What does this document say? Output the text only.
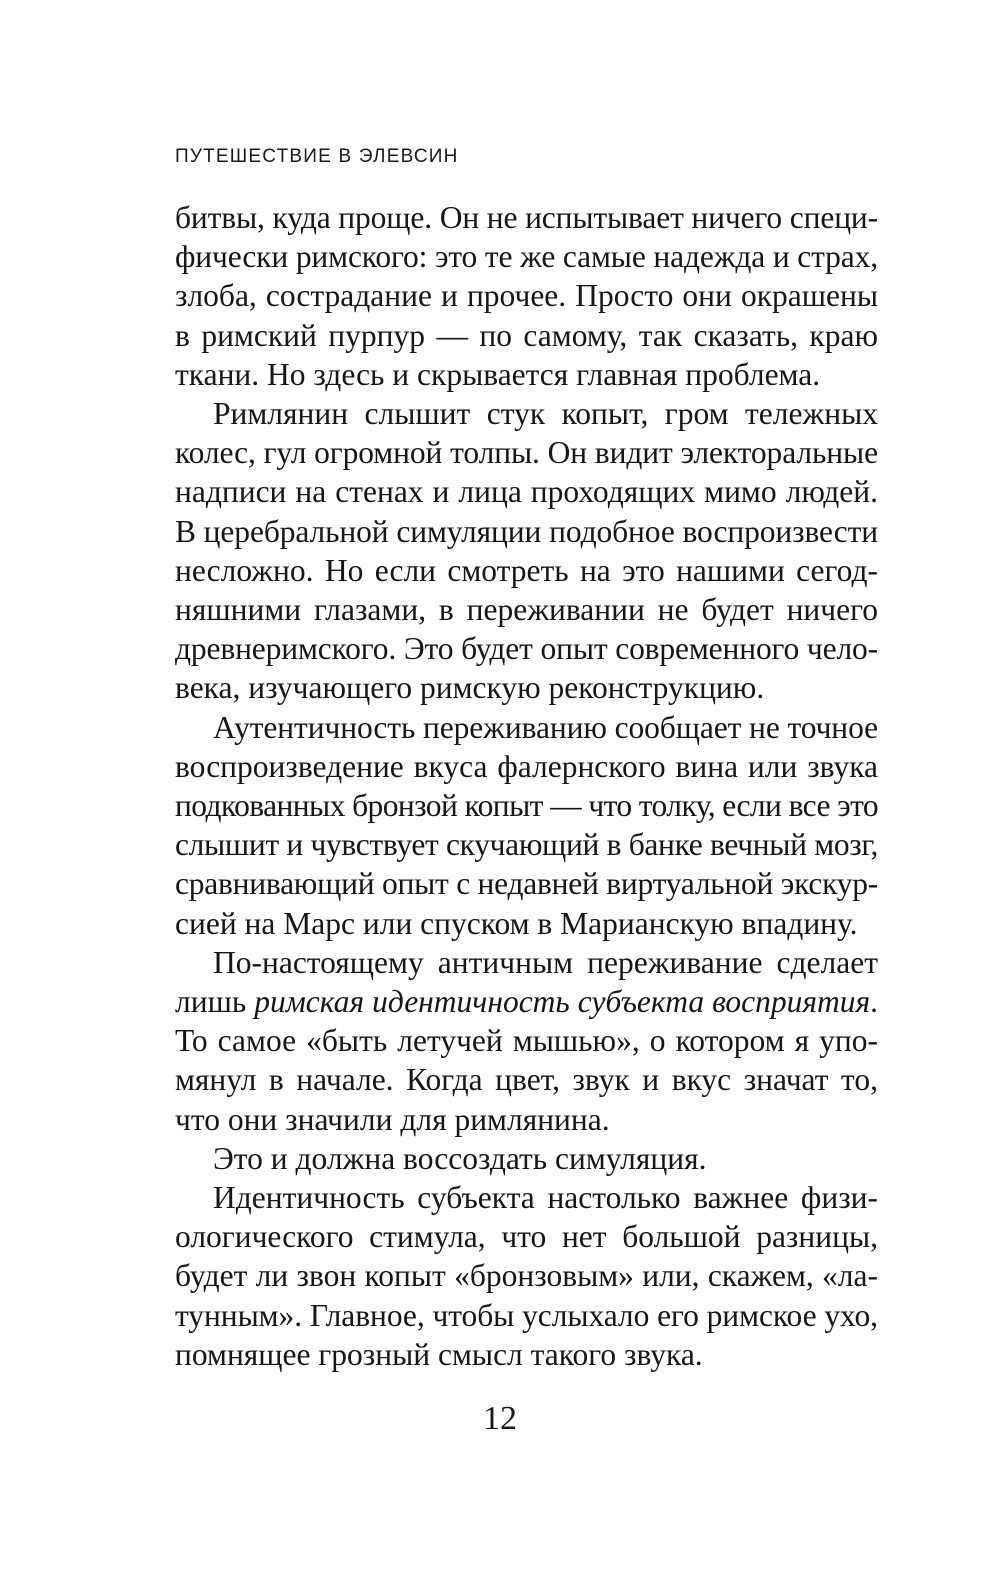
ПУТЕШЕСТВИЕ В ЭЛЕВСИН
битвы, куда проще. Он не испытывает ничего специ-
фически римского: это те же самые надежда и страх,
злоба, сострадание и прочее. Просто они окрашены
в римский пурпур — по самому, так сказать, краю
ткани. Но здесь и скрывается главная проблема.
Римлянин слышит стук копыт, гром тележных
колес, гул огромной толпы. Он видит электоральные
надписи на стенах и лица проходящих мимо людей.
В церебральной симуляции подобное воспроизвести
несложно. Но если смотреть на это нашими сегод-
няшними глазами, в переживании не будет ничего
древнеримского. Это будет опыт современного чело-
века, изучающего римскую реконструкцию.
Аутентичность переживанию сообщает не точное
воспроизведение вкуса фалернского вина или звука
подкованных бронзой копыт — что толку, если все это
слышит и чувствует скучающий в банке вечный мозг,
сравнивающий опыт с недавней виртуальной экскур-
сией на Марс или спуском в Марианскую впадину.
По-настоящему античным переживание сделает
лишь римская идентичность субъекта восприятия.
То самое «быть летучей мышью», о котором я упо-
мянул в начале. Когда цвет, звук и вкус значат то,
что они значили для римлянина.
Это и должна воссоздать симуляция.
Идентичность субъекта настолько важнее физи-
ологического стимула, что нет большой разницы,
будет ли звон копыт «бронзовым» или, скажем, «ла-
тунным». Главное, чтобы услыхало его римское ухо,
помнящее грозный смысл такого звука.
12
